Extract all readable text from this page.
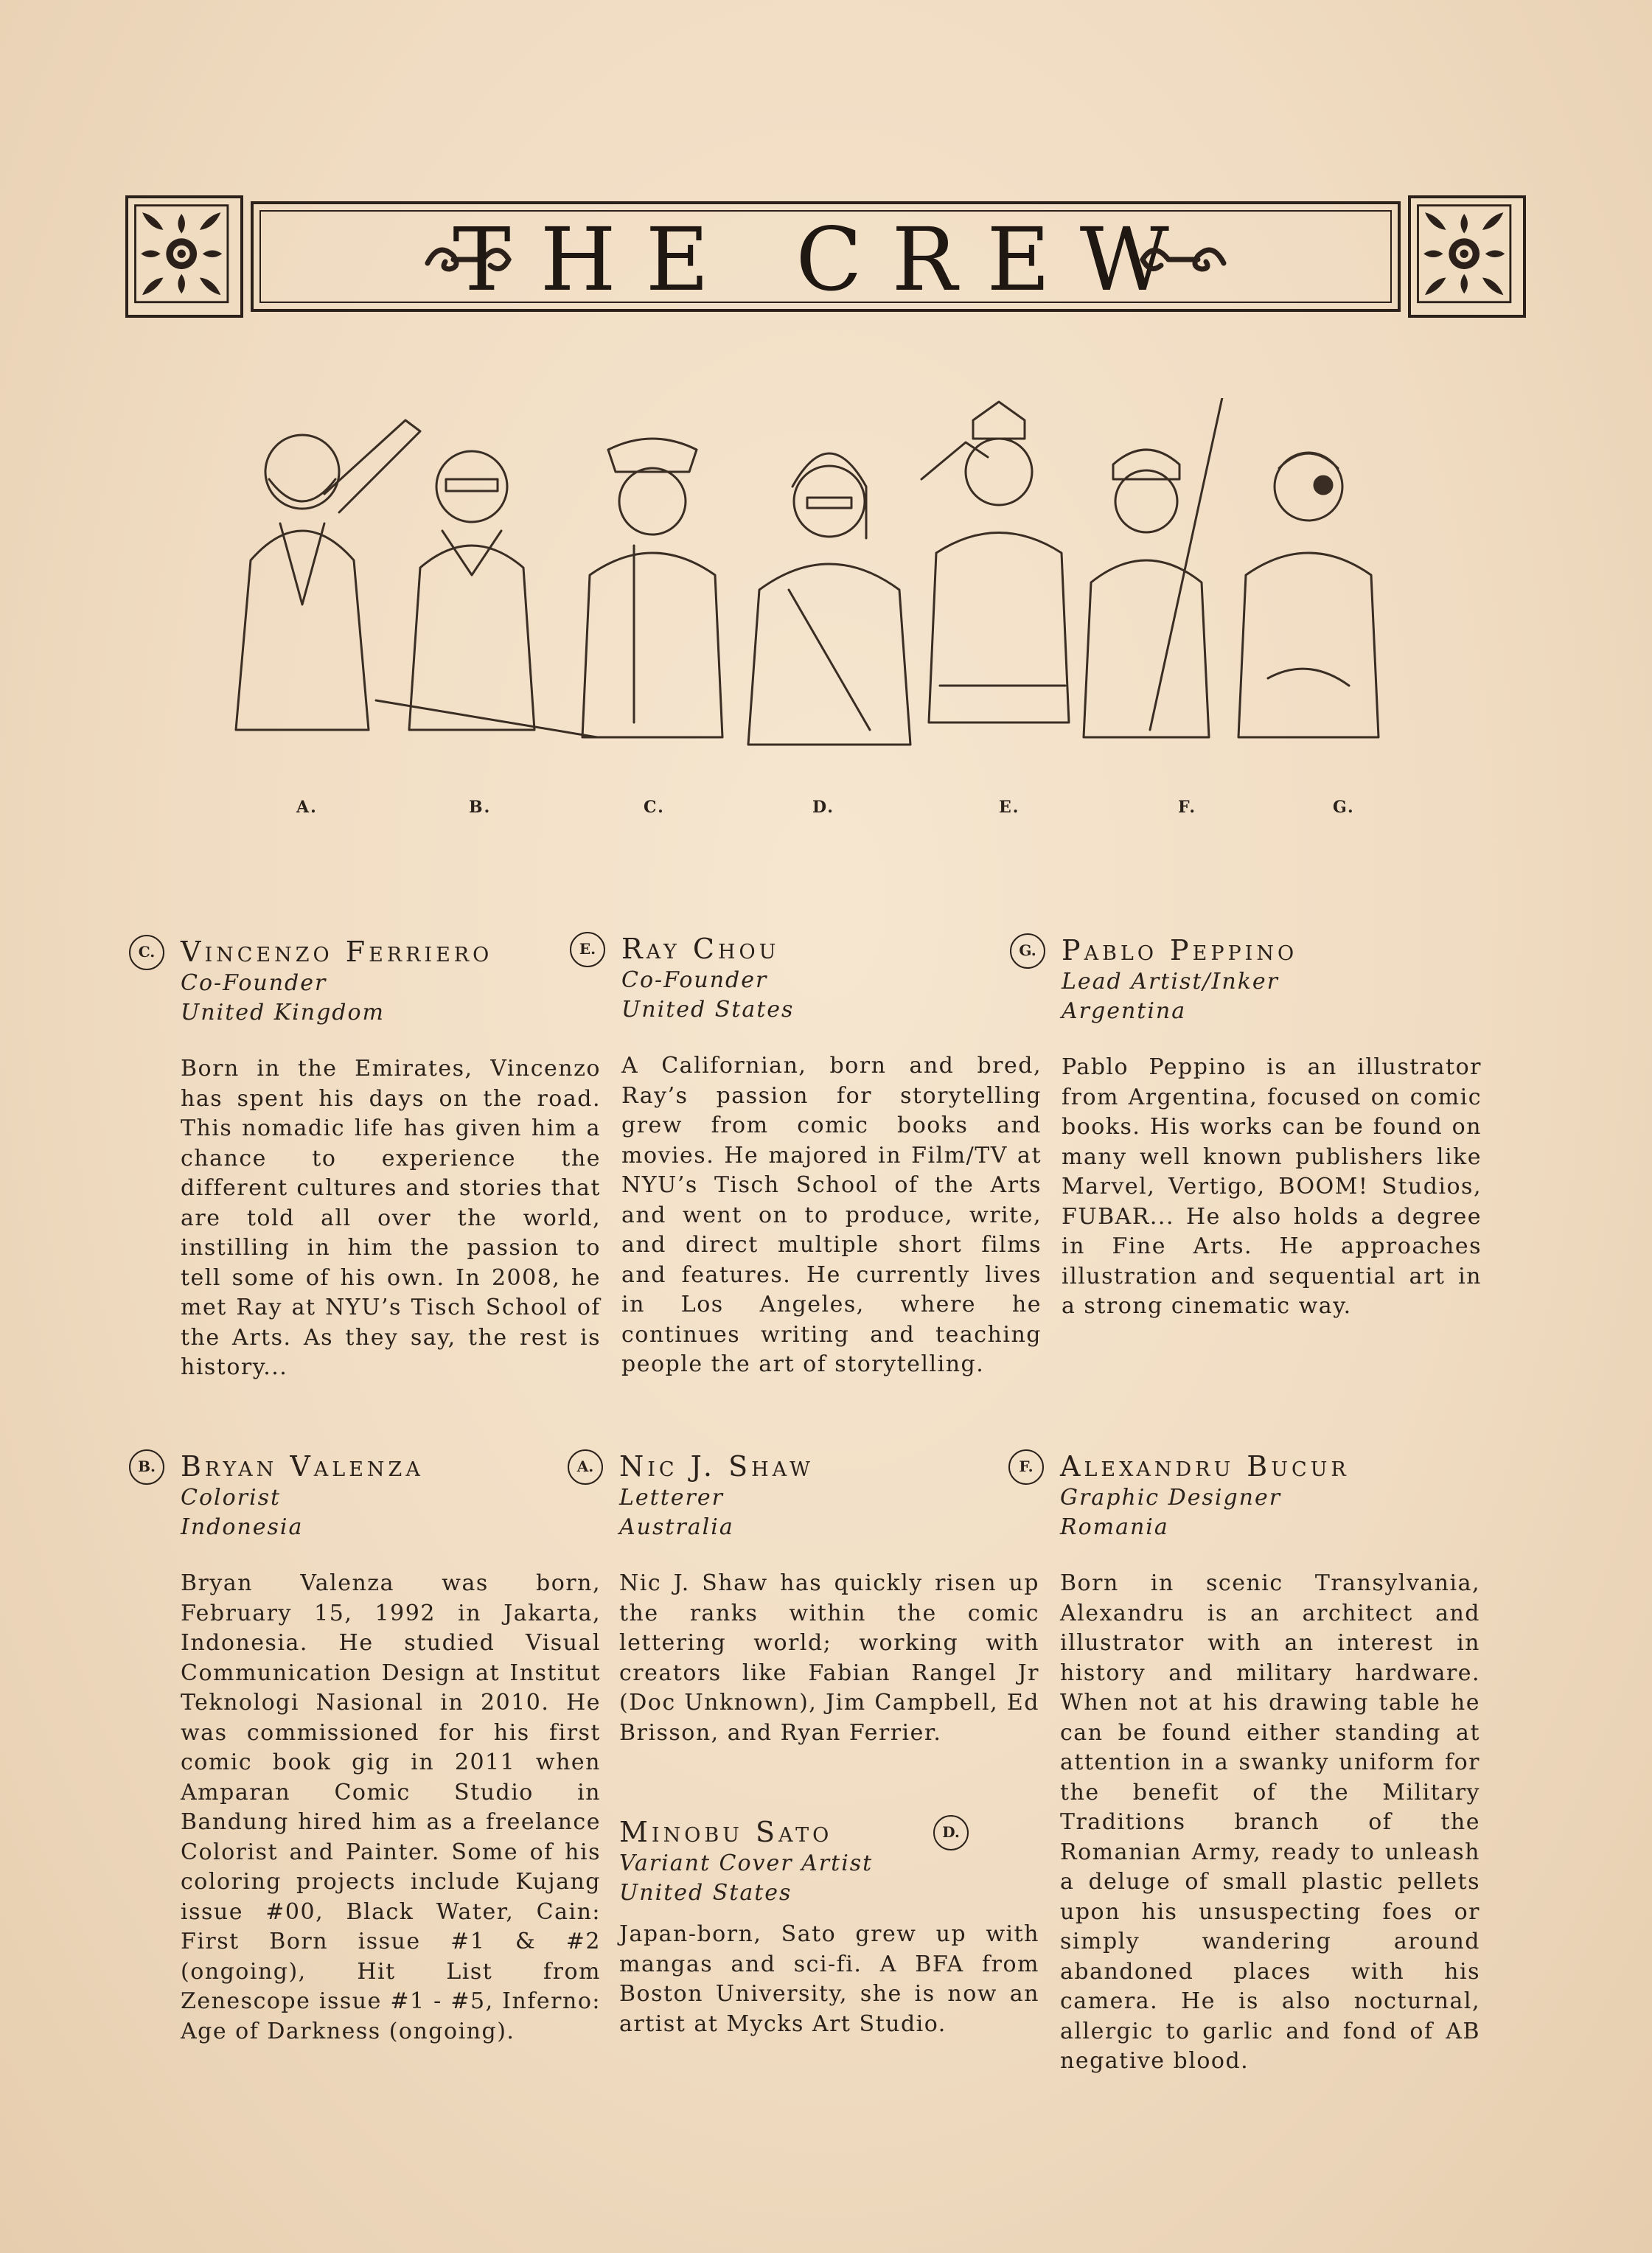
THE CREW
A.	B.	C.	D.	E.	F.	G.
C. Vincenzo Ferriero
Co-Founder
United Kingdom

Born in the Emirates, Vincenzo has spent his days on the road. This nomadic life has given him a chance to experience the different cultures and stories that are told all over the world, instilling in him the passion to tell some of his own. In 2008, he met Ray at NYU’s Tisch School of the Arts. As they say, the rest is history...

E. Ray Chou
Co-Founder
United States

A Californian, born and bred, Ray’s passion for storytelling grew from comic books and movies. He majored in Film/TV at NYU’s Tisch School of the Arts and went on to produce, write, and direct multiple short films and features. He currently lives in Los Angeles, where he continues writing and teaching people the art of storytelling.

G. Pablo Peppino
Lead Artist/Inker
Argentina

Pablo Peppino is an illustrator from Argentina, focused on comic books. His works can be found on many well known publishers like Marvel, Vertigo, BOOM! Studios, FUBAR... He also holds a degree in Fine Arts. He approaches illustration and sequential art in a strong cinematic way.

B. Bryan Valenza
Colorist
Indonesia

Bryan Valenza was born, February 15, 1992 in Jakarta, Indonesia. He studied Visual Communication Design at Institut Teknologi Nasional in 2010. He was commissioned for his first comic book gig in 2011 when Amparan Comic Studio in Bandung hired him as a freelance Colorist and Painter. Some of his coloring projects include Kujang issue #00, Black Water, Cain: First Born issue #1 & #2 (ongoing), Hit List from Zenescope issue #1 - #5, Inferno: Age of Darkness (ongoing).

A. Nic J. Shaw
Letterer
Australia

Nic J. Shaw has quickly risen up the ranks within the comic lettering world; working with creators like Fabian Rangel Jr (Doc Unknown), Jim Campbell, Ed Brisson, and Ryan Ferrier.

D.
Minobu Sato
Variant Cover Artist
United States

Japan-born, Sato grew up with mangas and sci-fi. A BFA from Boston University, she is now an artist at Mycks Art Studio.

F. Alexandru Bucur
Graphic Designer
Romania

Born in scenic Transylvania, Alexandru is an architect and illustrator with an interest in history and military hardware. When not at his drawing table he can be found either standing at attention in a swanky uniform for the benefit of the Military Traditions branch of the Romanian Army, ready to unleash a deluge of small plastic pellets upon his unsuspecting foes or simply wandering around abandoned places with his camera. He is also nocturnal, allergic to garlic and fond of AB negative blood.
